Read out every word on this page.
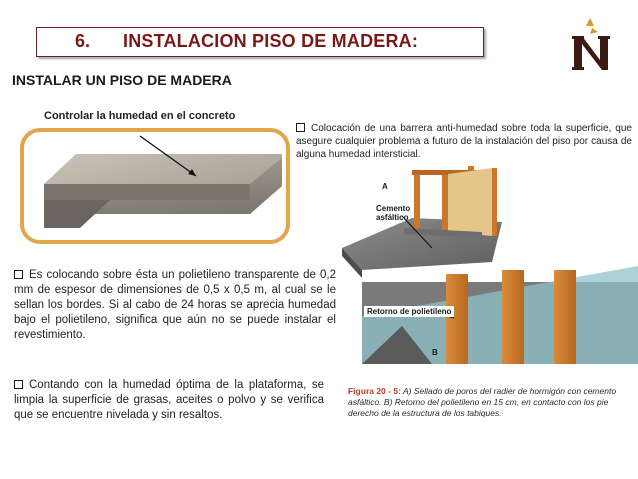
6. INSTALACION PISO DE MADERA:
INSTALAR UN PISO DE MADERA
Controlar la humedad en el concreto
Colocación de una barrera anti-humedad sobre toda la superficie, que asegure cualquier problema a futuro de la instalación del piso por causa de alguna humedad intersticial.
Es colocando sobre ésta un polietileno transparente de 0,2 mm de espesor de dimensiones de 0,5 x 0,5 m, al cual se le sellan los bordes. Si al cabo de 24 horas se aprecia humedad bajo el polietileno, significa que aún no se puede instalar el revestimiento.
Contando con la humedad óptima de la plataforma, se limpia la superficie de grasas, aceites o polvo y se verifica que se encuentre nivelada y sin resaltos.
A
Cemento asfáltico
Retorno de polietileno
B
Figura 20 - 5: A) Sellado de poros del radier de hormigón con cemento asfáltico. B) Retorno del polietileno en 15 cm, en contacto con los pie derecho de la estructura de los tabiques.
